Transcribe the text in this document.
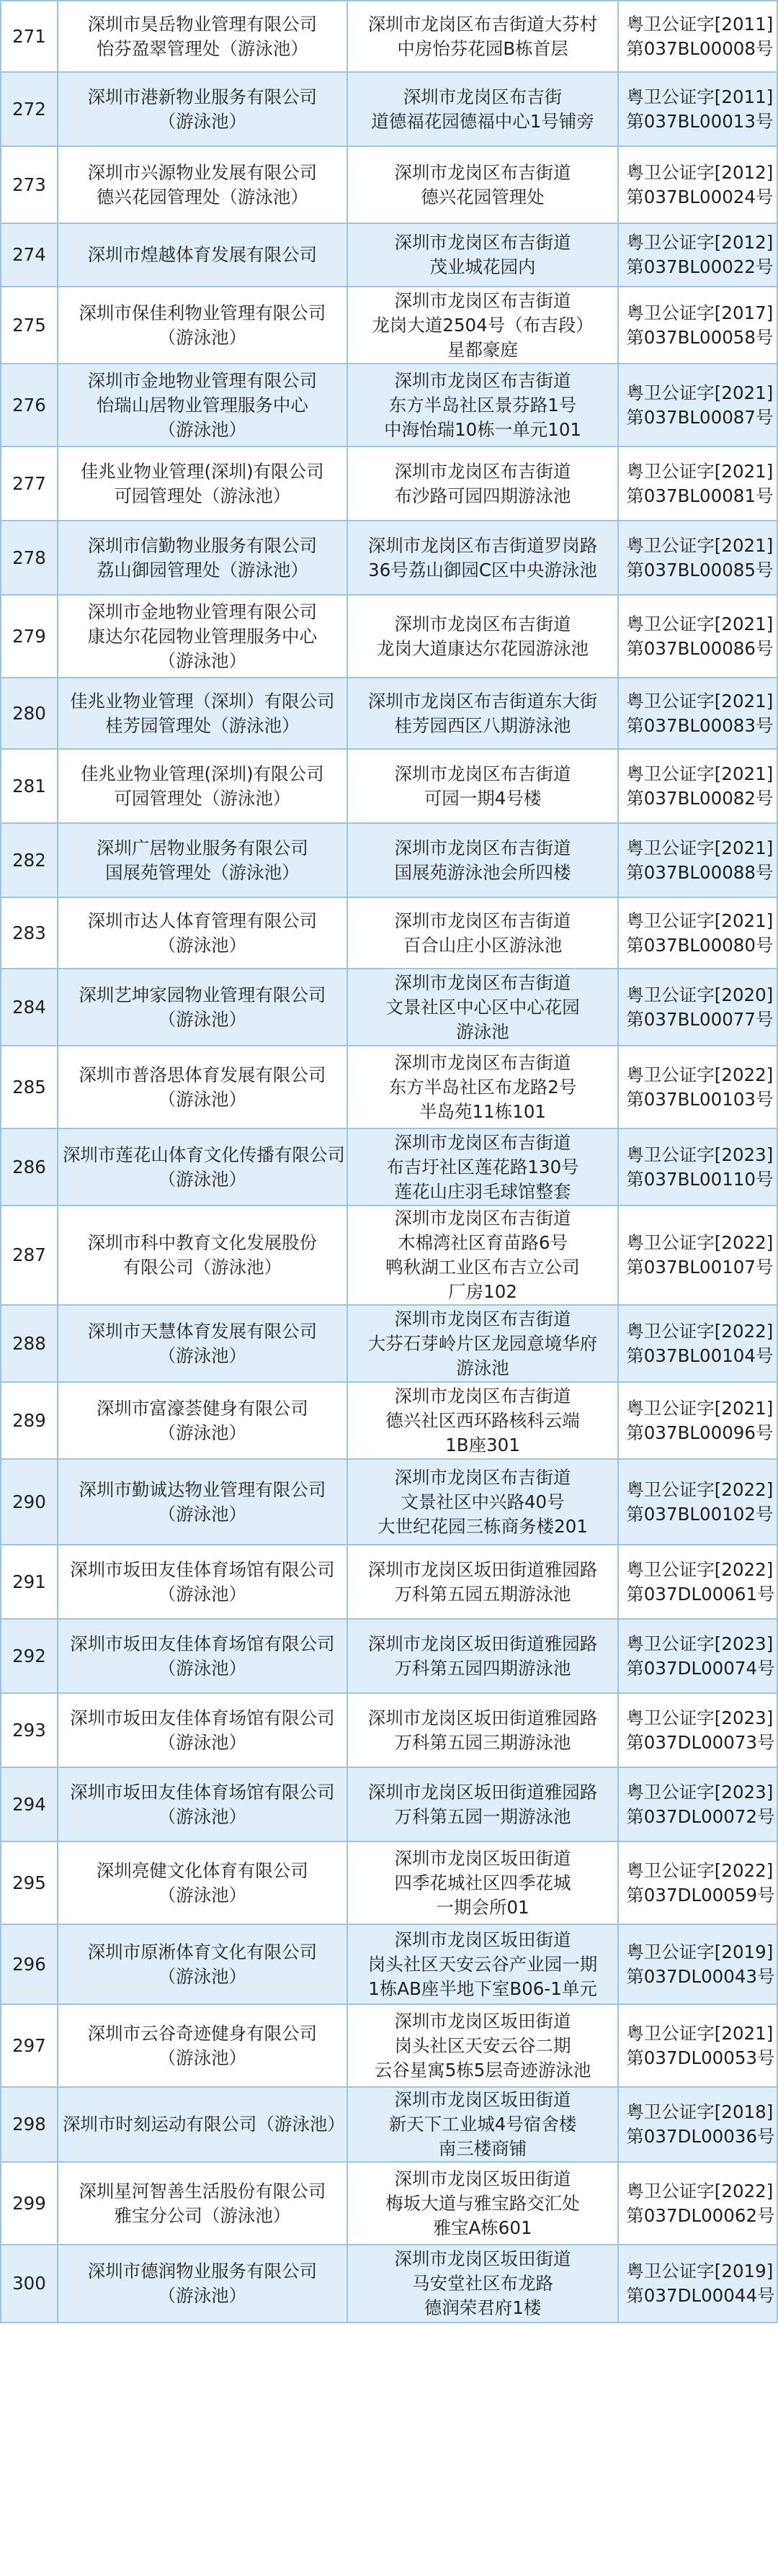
271	深圳市昊岳物业管理有限公司
怡芬盈翠管理处（游泳池）	深圳市龙岗区布吉街道大芬村
中房怡芬花园B栋首层	粤卫公证字[2011]
第037BL00008号

272	深圳市港新物业服务有限公司
（游泳池）	深圳市龙岗区布吉街
道德福花园德福中心1号铺旁	粤卫公证字[2011]
第037BL00013号

273	深圳市兴源物业发展有限公司
德兴花园管理处（游泳池）	深圳市龙岗区布吉街道
德兴花园管理处	粤卫公证字[2012]
第037BL00024号

274	深圳市煌越体育发展有限公司	深圳市龙岗区布吉街道
茂业城花园内	粤卫公证字[2012]
第037BL00022号

275	深圳市保佳利物业管理有限公司
（游泳池）	深圳市龙岗区布吉街道
龙岗大道2504号（布吉段）
星都豪庭	粤卫公证字[2017]
第037BL00058号

276	深圳市金地物业管理有限公司
怡瑞山居物业管理服务中心
（游泳池）	深圳市龙岗区布吉街道
东方半岛社区景芬路1号
中海怡瑞10栋一单元101	粤卫公证字[2021]
第037BL00087号

277	佳兆业物业管理(深圳)有限公司
可园管理处（游泳池）	深圳市龙岗区布吉街道
布沙路可园四期游泳池	粤卫公证字[2021]
第037BL00081号

278	深圳市信勤物业服务有限公司
荔山御园管理处（游泳池）	深圳市龙岗区布吉街道罗岗路
36号荔山御园C区中央游泳池	粤卫公证字[2021]
第037BL00085号

279	深圳市金地物业管理有限公司
康达尔花园物业管理服务中心
（游泳池）	深圳市龙岗区布吉街道
龙岗大道康达尔花园游泳池	粤卫公证字[2021]
第037BL00086号

280	佳兆业物业管理（深圳）有限公司
桂芳园管理处（游泳池）	深圳市龙岗区布吉街道东大街
桂芳园西区八期游泳池	粤卫公证字[2021]
第037BL00083号

281	佳兆业物业管理(深圳)有限公司
可园管理处（游泳池）	深圳市龙岗区布吉街道
可园一期4号楼	粤卫公证字[2021]
第037BL00082号

282	深圳广居物业服务有限公司
国展苑管理处（游泳池）	深圳市龙岗区布吉街道
国展苑游泳池会所四楼	粤卫公证字[2021]
第037BL00088号

283	深圳市达人体育管理有限公司
（游泳池）	深圳市龙岗区布吉街道
百合山庄小区游泳池	粤卫公证字[2021]
第037BL00080号

284	深圳艺坤家园物业管理有限公司
（游泳池）	深圳市龙岗区布吉街道
文景社区中心区中心花园
游泳池	粤卫公证字[2020]
第037BL00077号

285	深圳市普洛思体育发展有限公司
（游泳池）	深圳市龙岗区布吉街道
东方半岛社区布龙路2号
半岛苑11栋101	粤卫公证字[2022]
第037BL00103号

286	深圳市莲花山体育文化传播有限公司
（游泳池）	深圳市龙岗区布吉街道
布吉圩社区莲花路130号
莲花山庄羽毛球馆整套	粤卫公证字[2023]
第037BL00110号

287	深圳市科中教育文化发展股份
有限公司（游泳池）	深圳市龙岗区布吉街道
木棉湾社区育苗路6号
鸭秋湖工业区布吉立公司
厂房102	粤卫公证字[2022]
第037BL00107号

288	深圳市天慧体育发展有限公司
（游泳池）	深圳市龙岗区布吉街道
大芬石芽岭片区龙园意境华府
游泳池	粤卫公证字[2022]
第037BL00104号

289	深圳市富濠荟健身有限公司
（游泳池）	深圳市龙岗区布吉街道
德兴社区西环路核科云端
1B座301	粤卫公证字[2021]
第037BL00096号

290	深圳市勤诚达物业管理有限公司
（游泳池）	深圳市龙岗区布吉街道
文景社区中兴路40号
大世纪花园三栋商务楼201	粤卫公证字[2022]
第037BL00102号

291	深圳市坂田友佳体育场馆有限公司
（游泳池）	深圳市龙岗区坂田街道雅园路
万科第五园五期游泳池	粤卫公证字[2022]
第037DL00061号

292	深圳市坂田友佳体育场馆有限公司
（游泳池）	深圳市龙岗区坂田街道雅园路
万科第五园四期游泳池	粤卫公证字[2023]
第037DL00074号

293	深圳市坂田友佳体育场馆有限公司
（游泳池）	深圳市龙岗区坂田街道雅园路
万科第五园三期游泳池	粤卫公证字[2023]
第037DL00073号

294	深圳市坂田友佳体育场馆有限公司
（游泳池）	深圳市龙岗区坂田街道雅园路
万科第五园一期游泳池	粤卫公证字[2023]
第037DL00072号

295	深圳亮健文化体育有限公司
（游泳池）	深圳市龙岗区坂田街道
四季花城社区四季花城
一期会所01	粤卫公证字[2022]
第037DL00059号

296	深圳市原淅体育文化有限公司
（游泳池）	深圳市龙岗区坂田街道
岗头社区天安云谷产业园一期
1栋AB座半地下室B06-1单元	粤卫公证字[2019]
第037DL00043号

297	深圳市云谷奇迹健身有限公司
（游泳池）	深圳市龙岗区坂田街道
岗头社区天安云谷二期
云谷星寓5栋5层奇迹游泳池	粤卫公证字[2021]
第037DL00053号

298	深圳市时刻运动有限公司（游泳池）	深圳市龙岗区坂田街道
新天下工业城4号宿舍楼
南三楼商铺	粤卫公证字[2018]
第037DL00036号

299	深圳星河智善生活股份有限公司
雅宝分公司（游泳池）	深圳市龙岗区坂田街道
梅坂大道与雅宝路交汇处
雅宝A栋601	粤卫公证字[2022]
第037DL00062号

300	深圳市德润物业服务有限公司
（游泳池）	深圳市龙岗区坂田街道
马安堂社区布龙路
德润荣君府1楼	粤卫公证字[2019]
第037DL00044号
